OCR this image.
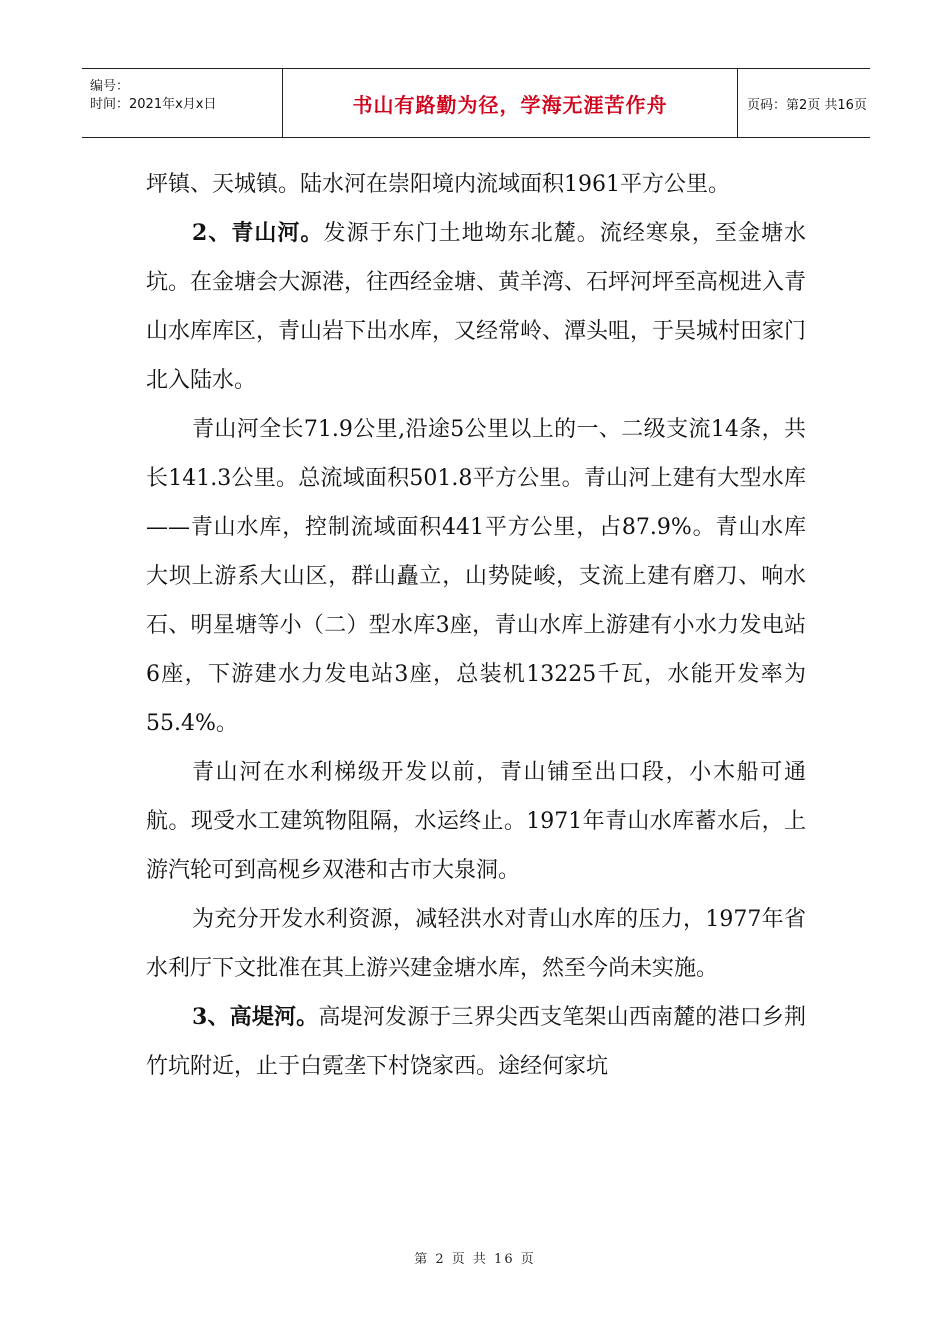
编号：
时间：2021年x月x日	书山有路勤为径，学海无涯苦作舟	页码：第2页 共16页

坪镇、天城镇。陆水河在崇阳境内流域面积1961平方公里。

2、青山河。发源于东门土地坳东北麓。流经寒泉，至金塘水坑。在金塘会大源港，往西经金塘、黄羊湾、石坪河坪至高枧进入青山水库库区，青山岩下出水库，又经常岭、潭头咀，于吴城村田家门北入陆水。

青山河全长71.9公里,沿途5公里以上的一、二级支流14条，共长141.3公里。总流域面积501.8平方公里。青山河上建有大型水库——青山水库，控制流域面积441平方公里，占87.9%。青山水库大坝上游系大山区，群山矗立，山势陡峻，支流上建有磨刀、响水石、明星塘等小（二）型水库3座，青山水库上游建有小水力发电站6座，下游建水力发电站3座，总装机13225千瓦，水能开发率为55.4%。

青山河在水利梯级开发以前，青山铺至出口段，小木船可通航。现受水工建筑物阻隔，水运终止。1971年青山水库蓄水后，上游汽轮可到高枧乡双港和古市大泉洞。

为充分开发水利资源，减轻洪水对青山水库的压力，1977年省水利厅下文批准在其上游兴建金塘水库，然至今尚未实施。

3、高堤河。高堤河发源于三界尖西支笔架山西南麓的港口乡荆竹坑附近，止于白霓垄下村饶家西。途经何家坑

第 2 页 共 16 页
